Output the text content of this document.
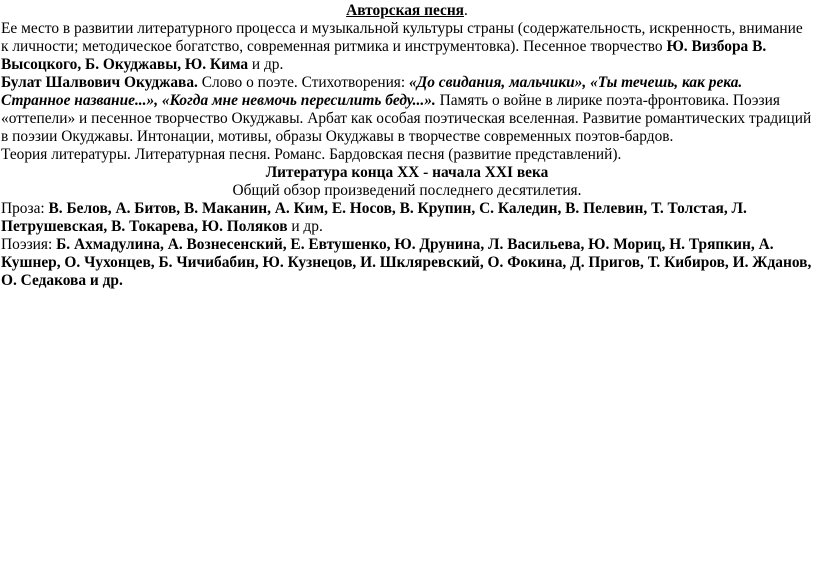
Авторская песня.

Ее место в развитии литературного процесса и музыкальной культуры страны (содержательность, искренность, внимание к личности; методическое богатство, современная ритмика и инструментовка). Песенное творчество Ю. Визбора В. Высоцкого, Б. Окуджавы, Ю. Кима и др.

Булат Шалвович Окуджава. Слово о поэте. Стихотворения: «До свидания, мальчики», «Ты течешь, как река. Странное название...», «Когда мне невмочь пересилить беду...». Память о войне в лирике поэта-фронтовика. Поэзия «оттепели» и песенное творчество Окуджавы. Арбат как особая поэтическая вселенная. Развитие романтических традиций в поэзии Окуджавы. Интонации, мотивы, образы Окуджавы в творчестве современных поэтов-бардов.

Теория литературы. Литературная песня. Романс. Бардовская песня (развитие представлений).

Литература конца XX - начала XXI века

Общий обзор произведений последнего десятилетия.

Проза: В. Белов, А. Битов, В. Маканин, А. Ким, Е. Носов, В. Крупин, С. Каледин, В. Пелевин, Т. Толстая, Л. Петрушевская, В. Токарева, Ю. Поляков и др.

Поэзия: Б. Ахмадулина, А. Вознесенский, Е. Евтушенко, Ю. Друнина, Л. Васильева, Ю. Мориц, Н. Тряпкин, А. Кушнер, О. Чухонцев, Б. Чичибабин, Ю. Кузнецов, И. Шкляревский, О. Фокина, Д. Пригов, Т. Кибиров, И. Жданов, О. Седакова и др.
